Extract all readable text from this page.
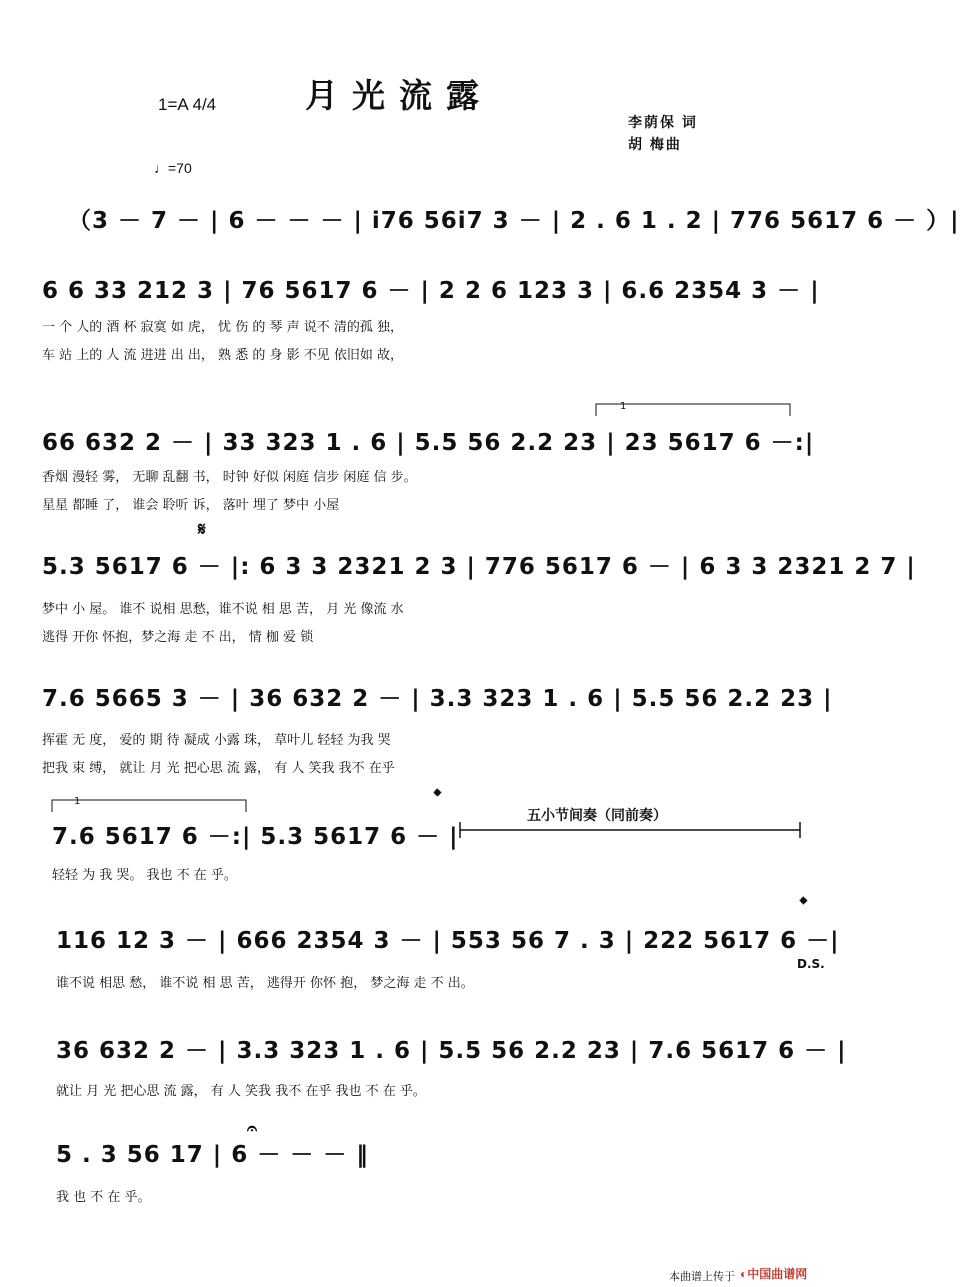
月光流露
1=A 4/4
李荫保 词
胡 梅曲
♩=70
（3 － 7 － | 6 － － － | i76 56i7 3 － | 2 . 6 1 . 2 | 776 5617 6 － ）|
6 6 33 212 3 | 76 5617 6 － | 2 2 6 123 3 | 6.6 2354 3 － |
一 个 人的 酒 杯 寂寞 如 虎， 忧 伤 的 琴 声 说不 清的孤 独，
车 站 上的 人 流 进进 出 出， 熟 悉 的 身 影 不见 依旧如 故，
66 632 2 － | 33 323 1 . 6 | 5.5 56 2.2 23 | 23 5617 6 －:|
1
香烟 漫轻 雾， 无聊 乱翻 书， 时钟 好似 闲庭 信步 闲庭 信 步。
星星 都睡 了， 谁会 聆听 诉， 落叶 埋了 梦中 小屋
𝄋
5.3 5617 6 － |: 6 3 3 2321 2 3 | 776 5617 6 － | 6 3 3 2321 2 7 |
梦中 小 屋。 谁不 说相 思愁，谁不说 相 思 苦， 月 光 像流 水
逃得 开你 怀抱，梦之海 走 不 出， 情 枷 爱 锁
7.6 5665 3 － | 36 632 2 － | 3.3 323 1 . 6 | 5.5 56 2.2 23 |
挥霍 无 度， 爱的 期 待 凝成 小露 珠， 草叶儿 轻轻 为我 哭
把我 束 缚， 就让 月 光 把心思 流 露， 有 人 笑我 我不 在乎
1	𝄌
7.6 5617 6 －:| 5.3 5617 6 － |
五小节间奏（同前奏）
轻轻 为 我 哭。 我也 不 在 乎。
𝄌
116 12 3 － | 666 2354 3 － | 553 56 7 . 3 | 222 5617 6 －|
D.S.
谁不说 相思 愁， 谁不说 相 思 苦， 逃得开 你怀 抱， 梦之海 走 不 出。
36 632 2 － | 3.3 323 1 . 6 | 5.5 56 2.2 23 | 7.6 5617 6 － |
就让 月 光 把心思 流 露， 有 人 笑我 我不 在乎 我也 不 在 乎。
𝄐
5 . 3 56 17 | 6 － － － ‖
我 也 不 在 乎。
本曲谱上传于 ◐中国曲谱网
